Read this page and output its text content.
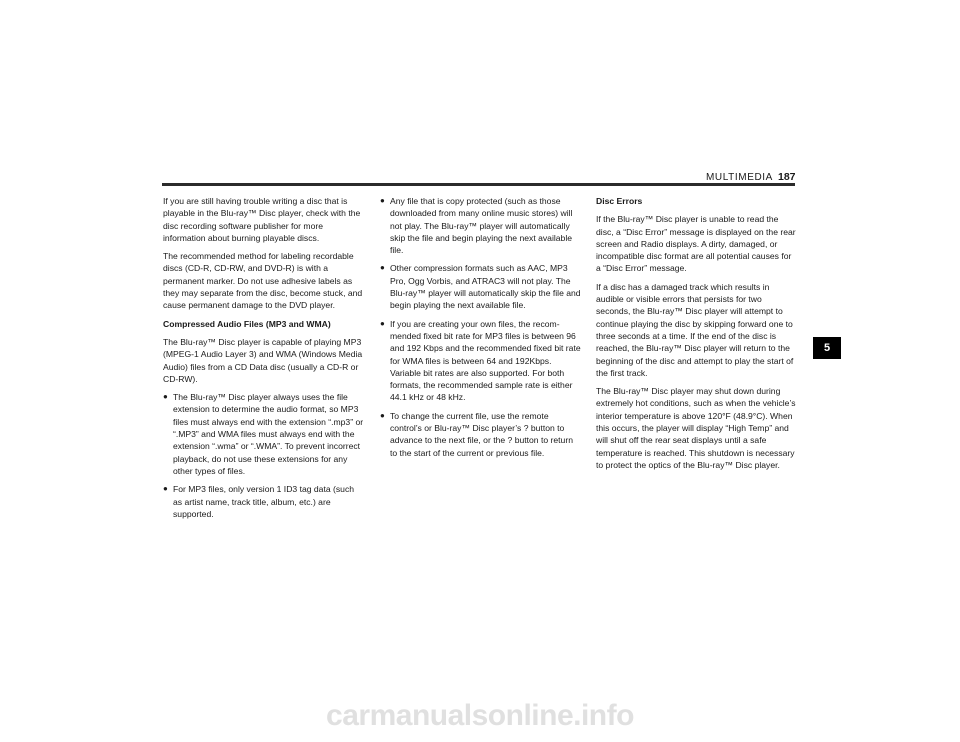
MULTIMEDIA 187

If you are still having trouble writing a disc that is playable in the Blu-ray™ Disc player, check with the disc recording software publisher for more information about burning playable discs.

The recommended method for labeling recordable discs (CD-R, CD-RW, and DVD-R) is with a permanent marker. Do not use adhesive labels as they may separate from the disc, become stuck, and cause permanent damage to the DVD player.

Compressed Audio Files (MP3 and WMA)

The Blu-ray™ Disc player is capable of playing MP3 (MPEG-1 Audio Layer 3) and WMA (Windows Media Audio) files from a CD Data disc (usually a CD-R or CD-RW).

● The Blu-ray™ Disc player always uses the file extension to determine the audio format, so MP3 files must always end with the extension “.mp3” or “.MP3” and WMA files must always end with the extension “.wma” or “.WMA”. To prevent incorrect playback, do not use these extensions for any other types of files.
● For MP3 files, only version 1 ID3 tag data (such as artist name, track title, album, etc.) are supported.
● Any file that is copy protected (such as those downloaded from many online music stores) will not play. The Blu-ray™ player will automatically skip the file and begin playing the next available file.
● Other compression formats such as AAC, MP3 Pro, Ogg Vorbis, and ATRAC3 will not play. The Blu-ray™ player will automatically skip the file and begin playing the next available file.
● If you are creating your own files, the recom-mended fixed bit rate for MP3 files is between 96 and 192 Kbps and the recommended fixed bit rate for WMA files is between 64 and 192Kbps. Variable bit rates are also supported. For both formats, the recommended sample rate is either 44.1 kHz or 48 kHz.
● To change the current file, use the remote control’s or Blu-ray™ Disc player’s ? button to advance to the next file, or the ? button to return to the start of the current or previous file.
Disc Errors

If the Blu-ray™ Disc player is unable to read the disc, a “Disc Error” message is displayed on the rear screen and Radio displays. A dirty, damaged, or incompatible disc format are all potential causes for a “Disc Error” message.

If a disc has a damaged track which results in audible or visible errors that persists for two seconds, the Blu-ray™ Disc player will attempt to continue playing the disc by skipping forward one to three seconds at a time. If the end of the disc is reached, the Blu-ray™ Disc player will return to the beginning of the disc and attempt to play the start of the first track.

The Blu-ray™ Disc player may shut down during extremely hot conditions, such as when the vehicle’s interior temperature is above 120°F (48.9°C). When this occurs, the player will display “High Temp” and will shut off the rear seat displays until a safe temperature is reached. This shutdown is necessary to protect the optics of the Blu-ray™ Disc player.

5
carmanualsonline.info
